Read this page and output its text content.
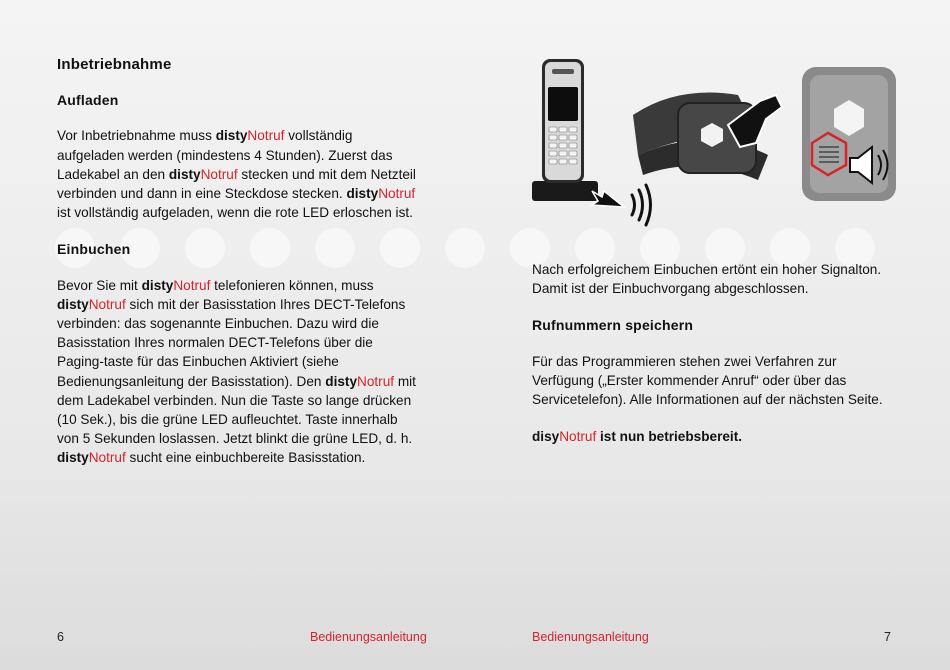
Inbetriebnahme
Aufladen

Vor Inbetriebnahme muss distyNotruf vollständig aufgeladen werden (mindestens 4 Stunden). Zuerst das Ladekabel an den distyNotruf stecken und mit dem Netzteil verbinden und dann in eine Steckdose stecken. distyNotruf ist vollständig aufgeladen, wenn die rote LED erloschen ist.

Einbuchen

Bevor Sie mit distyNotruf telefonieren können, muss distyNotruf sich mit der Basisstation Ihres DECT-Telefons verbinden: das sogenannte Einbuchen. Dazu wird die Basisstation Ihres normalen DECT-Telefons über die Paging-taste für das Einbuchen Aktiviert (siehe Bedienungsanleitung der Basisstation). Den distyNotruf mit dem Ladekabel verbinden. Nun die Taste so lange drücken (10 Sek.), bis die grüne LED aufleuchtet. Taste innerhalb von 5 Sekunden loslassen. Jetzt blinkt die grüne LED, d. h. distyNotruf sucht eine einbuchbereite Basisstation.

Nach erfolgreichem Einbuchen ertönt ein hoher Signalton. Damit ist der Einbuchvorgang abgeschlossen.

Rufnummern speichern

Für das Programmieren stehen zwei Verfahren zur Verfügung („Erster kommender Anruf“ oder über das Servicetelefon). Alle Informationen auf der nächsten Seite.

disyNotruf ist nun betriebsbereit.

6	Bedienungsanleitung	Bedienungsanleitung	7
